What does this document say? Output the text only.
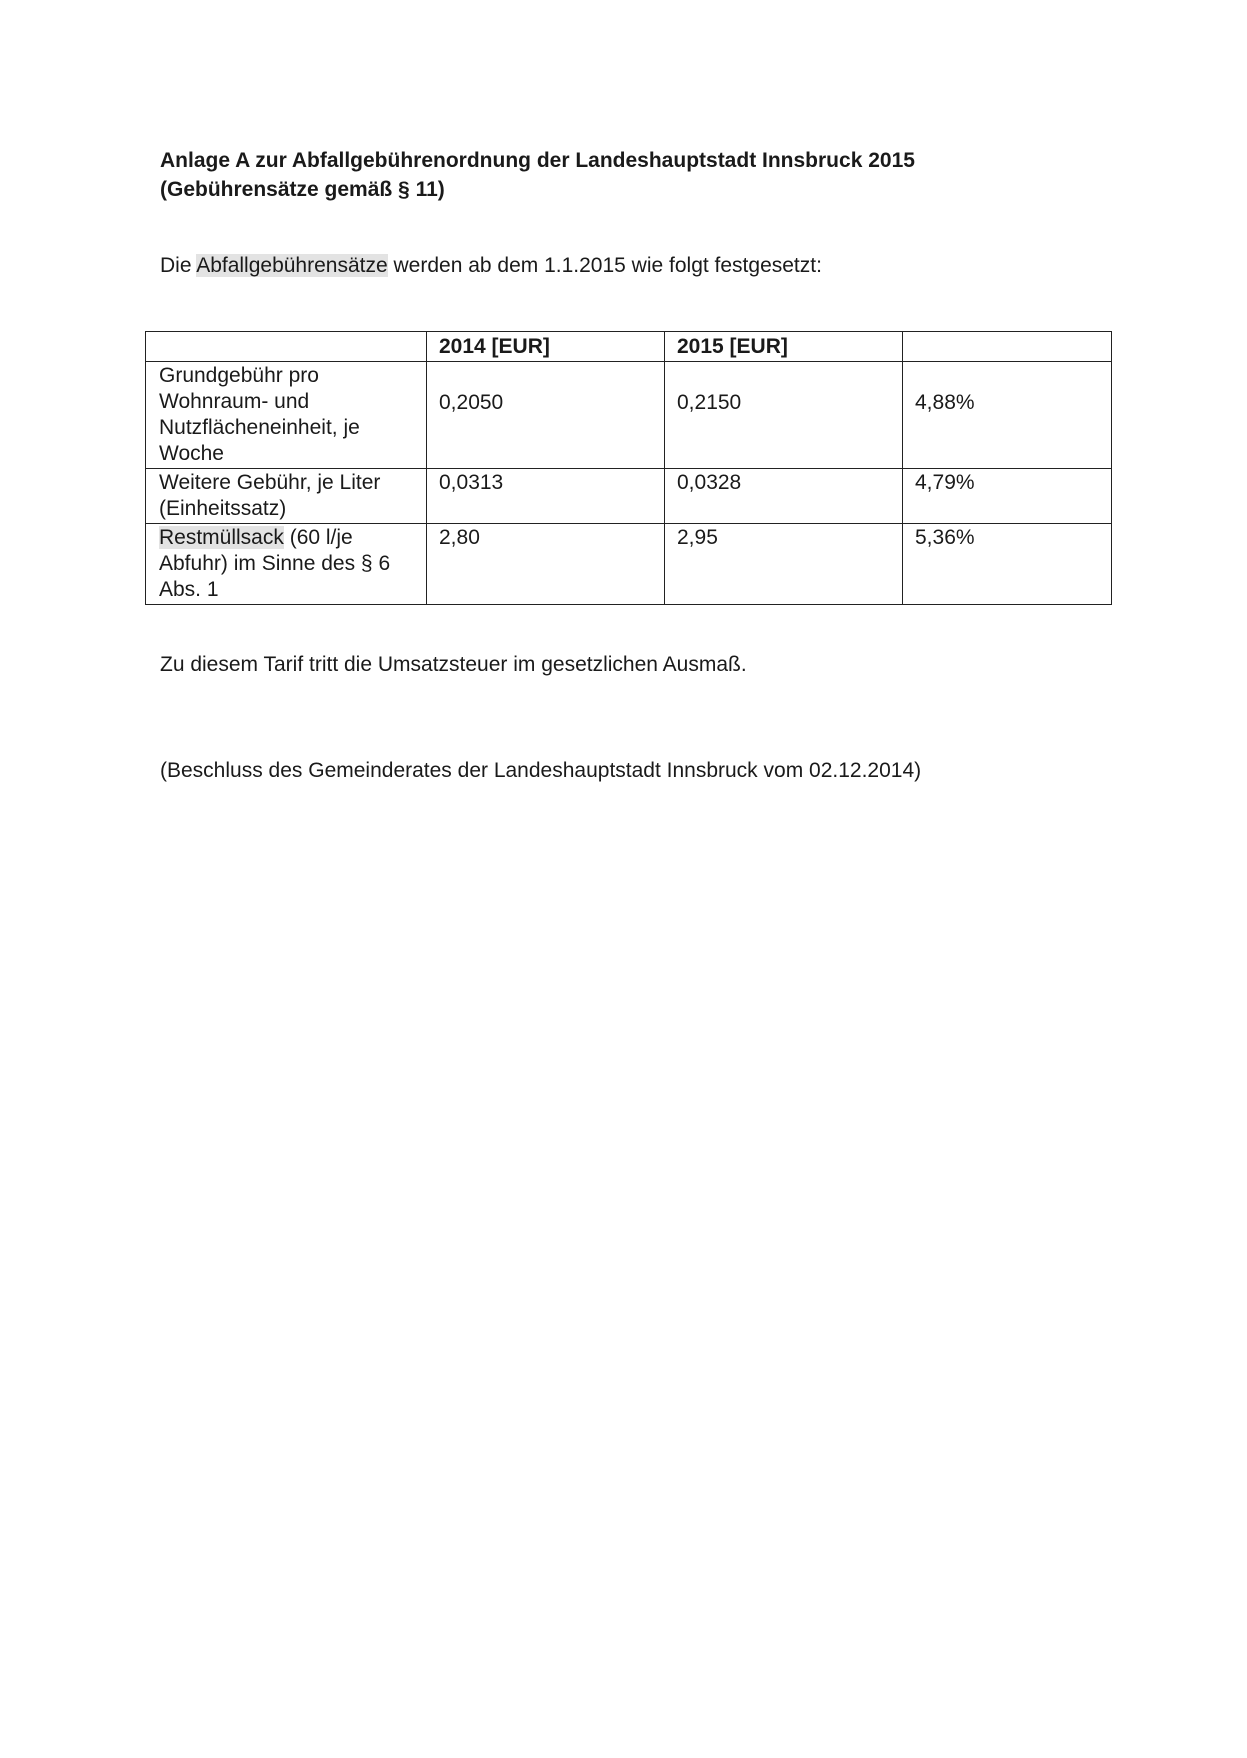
Anlage A zur Abfallgebührenordnung der Landeshauptstadt Innsbruck 2015
(Gebührensätze gemäß § 11)

Die Abfallgebührensätze werden ab dem 1.1.2015 wie folgt festgesetzt:

	2014 [EUR]	2015 [EUR]	
Grundgebühr pro Wohnraum- und Nutzflächeneinheit, je Woche	0,2050	0,2150	4,88%
Weitere Gebühr, je Liter (Einheitssatz)	0,0313	0,0328	4,79%
Restmüllsack (60 l/je Abfuhr) im Sinne des § 6 Abs. 1	2,80	2,95	5,36%

Zu diesem Tarif tritt die Umsatzsteuer im gesetzlichen Ausmaß.

(Beschluss des Gemeinderates der Landeshauptstadt Innsbruck vom 02.12.2014)
